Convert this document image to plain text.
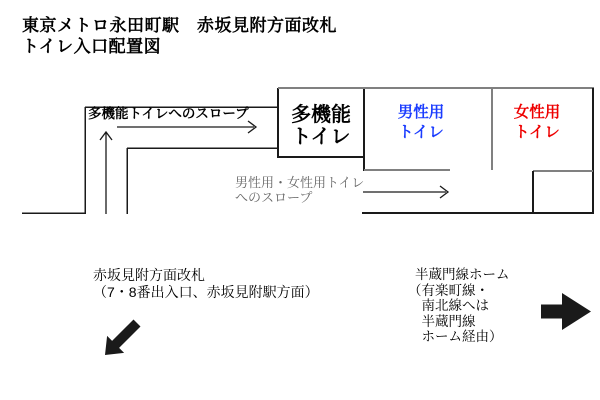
東京メトロ永田町駅　赤坂見附方面改札
トイレ入口配置図
多機能トイレへのスロープ	多機能
トイレ
男性用
トイレ
女性用
トイレ
男性用・女性用トイレ
へのスロープ
赤坂見附方面改札
（7・8番出入口、赤坂見附駅方面）
半蔵門線ホーム
（有楽町線・
　南北線へは
　半蔵門線
　ホーム経由）
